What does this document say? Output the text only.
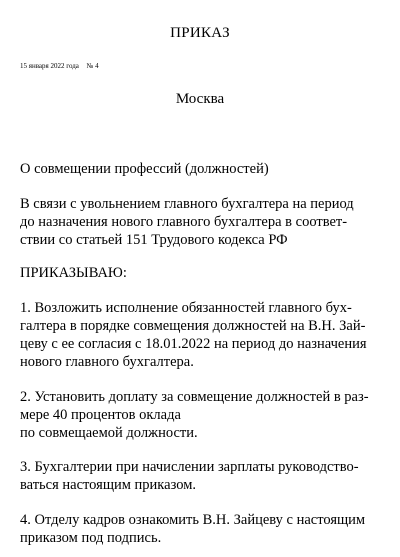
ПРИКАЗ
15 января 2022 года № 4
Москва
О совмещении профессий (должностей)
В связи с увольнением главного бухгалтера на период
до назначения нового главного бухгалтера в соответ-
ствии со статьей 151 Трудового кодекса РФ
ПРИКАЗЫВАЮ:
1. Возложить исполнение обязанностей главного бух-
галтера в порядке совмещения должностей на В.Н. Зай-
цеву с ее согласия с 18.01.2022 на период до назначения
нового главного бухгалтера.
2. Установить доплату за совмещение должностей в раз-
мере 40 процентов оклада
по совмещаемой должности.
3. Бухгалтерии при начислении зарплаты руководство-
ваться настоящим приказом.
4. Отделу кадров ознакомить В.Н. Зайцеву с настоящим
приказом под подпись.
